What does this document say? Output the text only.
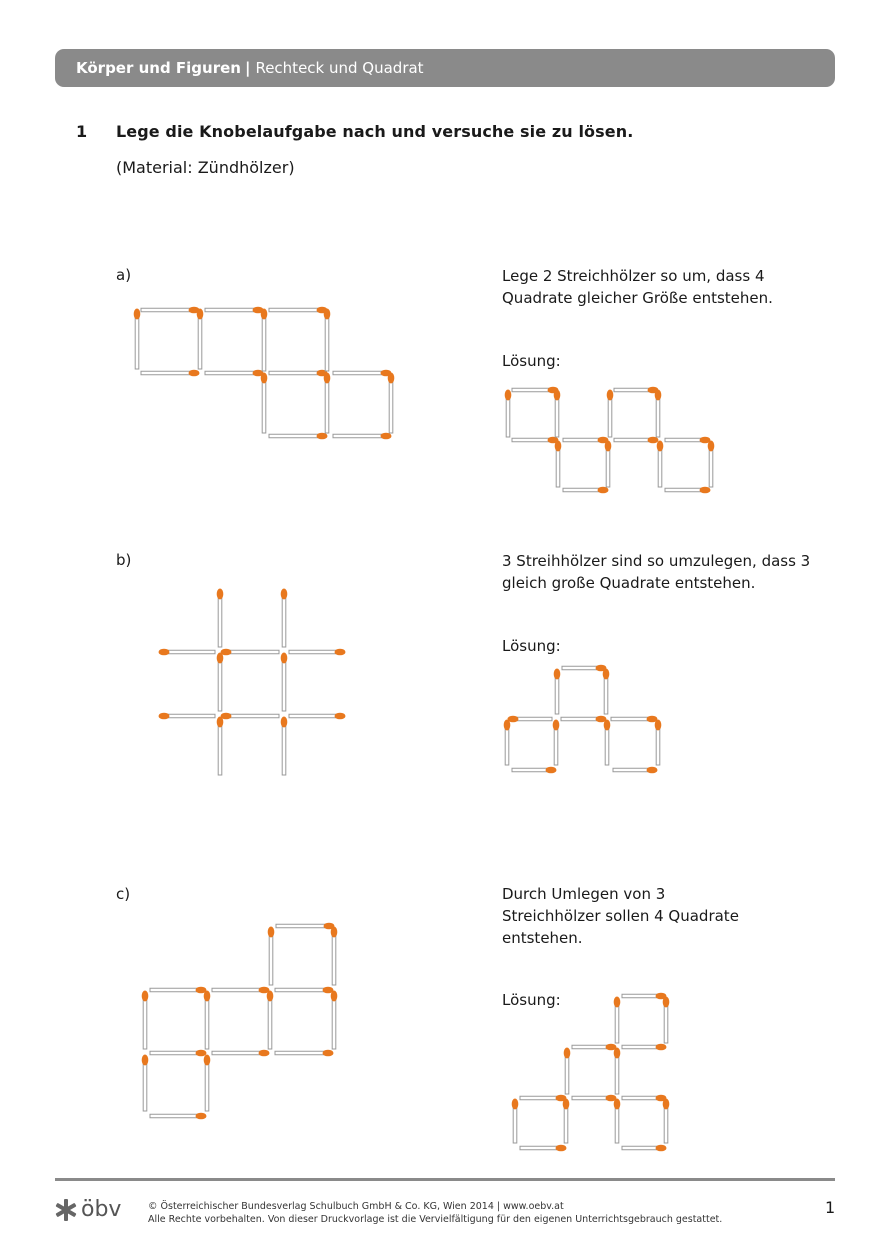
Körper und Figuren | Rechteck und Quadrat
1 Lege die Knobelaufgabe nach und versuche sie zu lösen.
(Material: Zündhölzer)
a)	Lege 2 Streichhölzer so um, dass 4
Quadrate gleicher Größe entstehen.
Lösung:
b)	3 Streihhölzer sind so umzulegen, dass 3
gleich große Quadrate entstehen.
Lösung:
c)	Durch Umlegen von 3
Streichhölzer sollen 4 Quadrate
entstehen.
Lösung:
öbv	© Österreichischer Bundesverlag Schulbuch GmbH & Co. KG, Wien 2014 | www.oebv.at
Alle Rechte vorbehalten. Von dieser Druckvorlage ist die Vervielfältigung für den eigenen Unterrichtsgebrauch gestattet.
1
